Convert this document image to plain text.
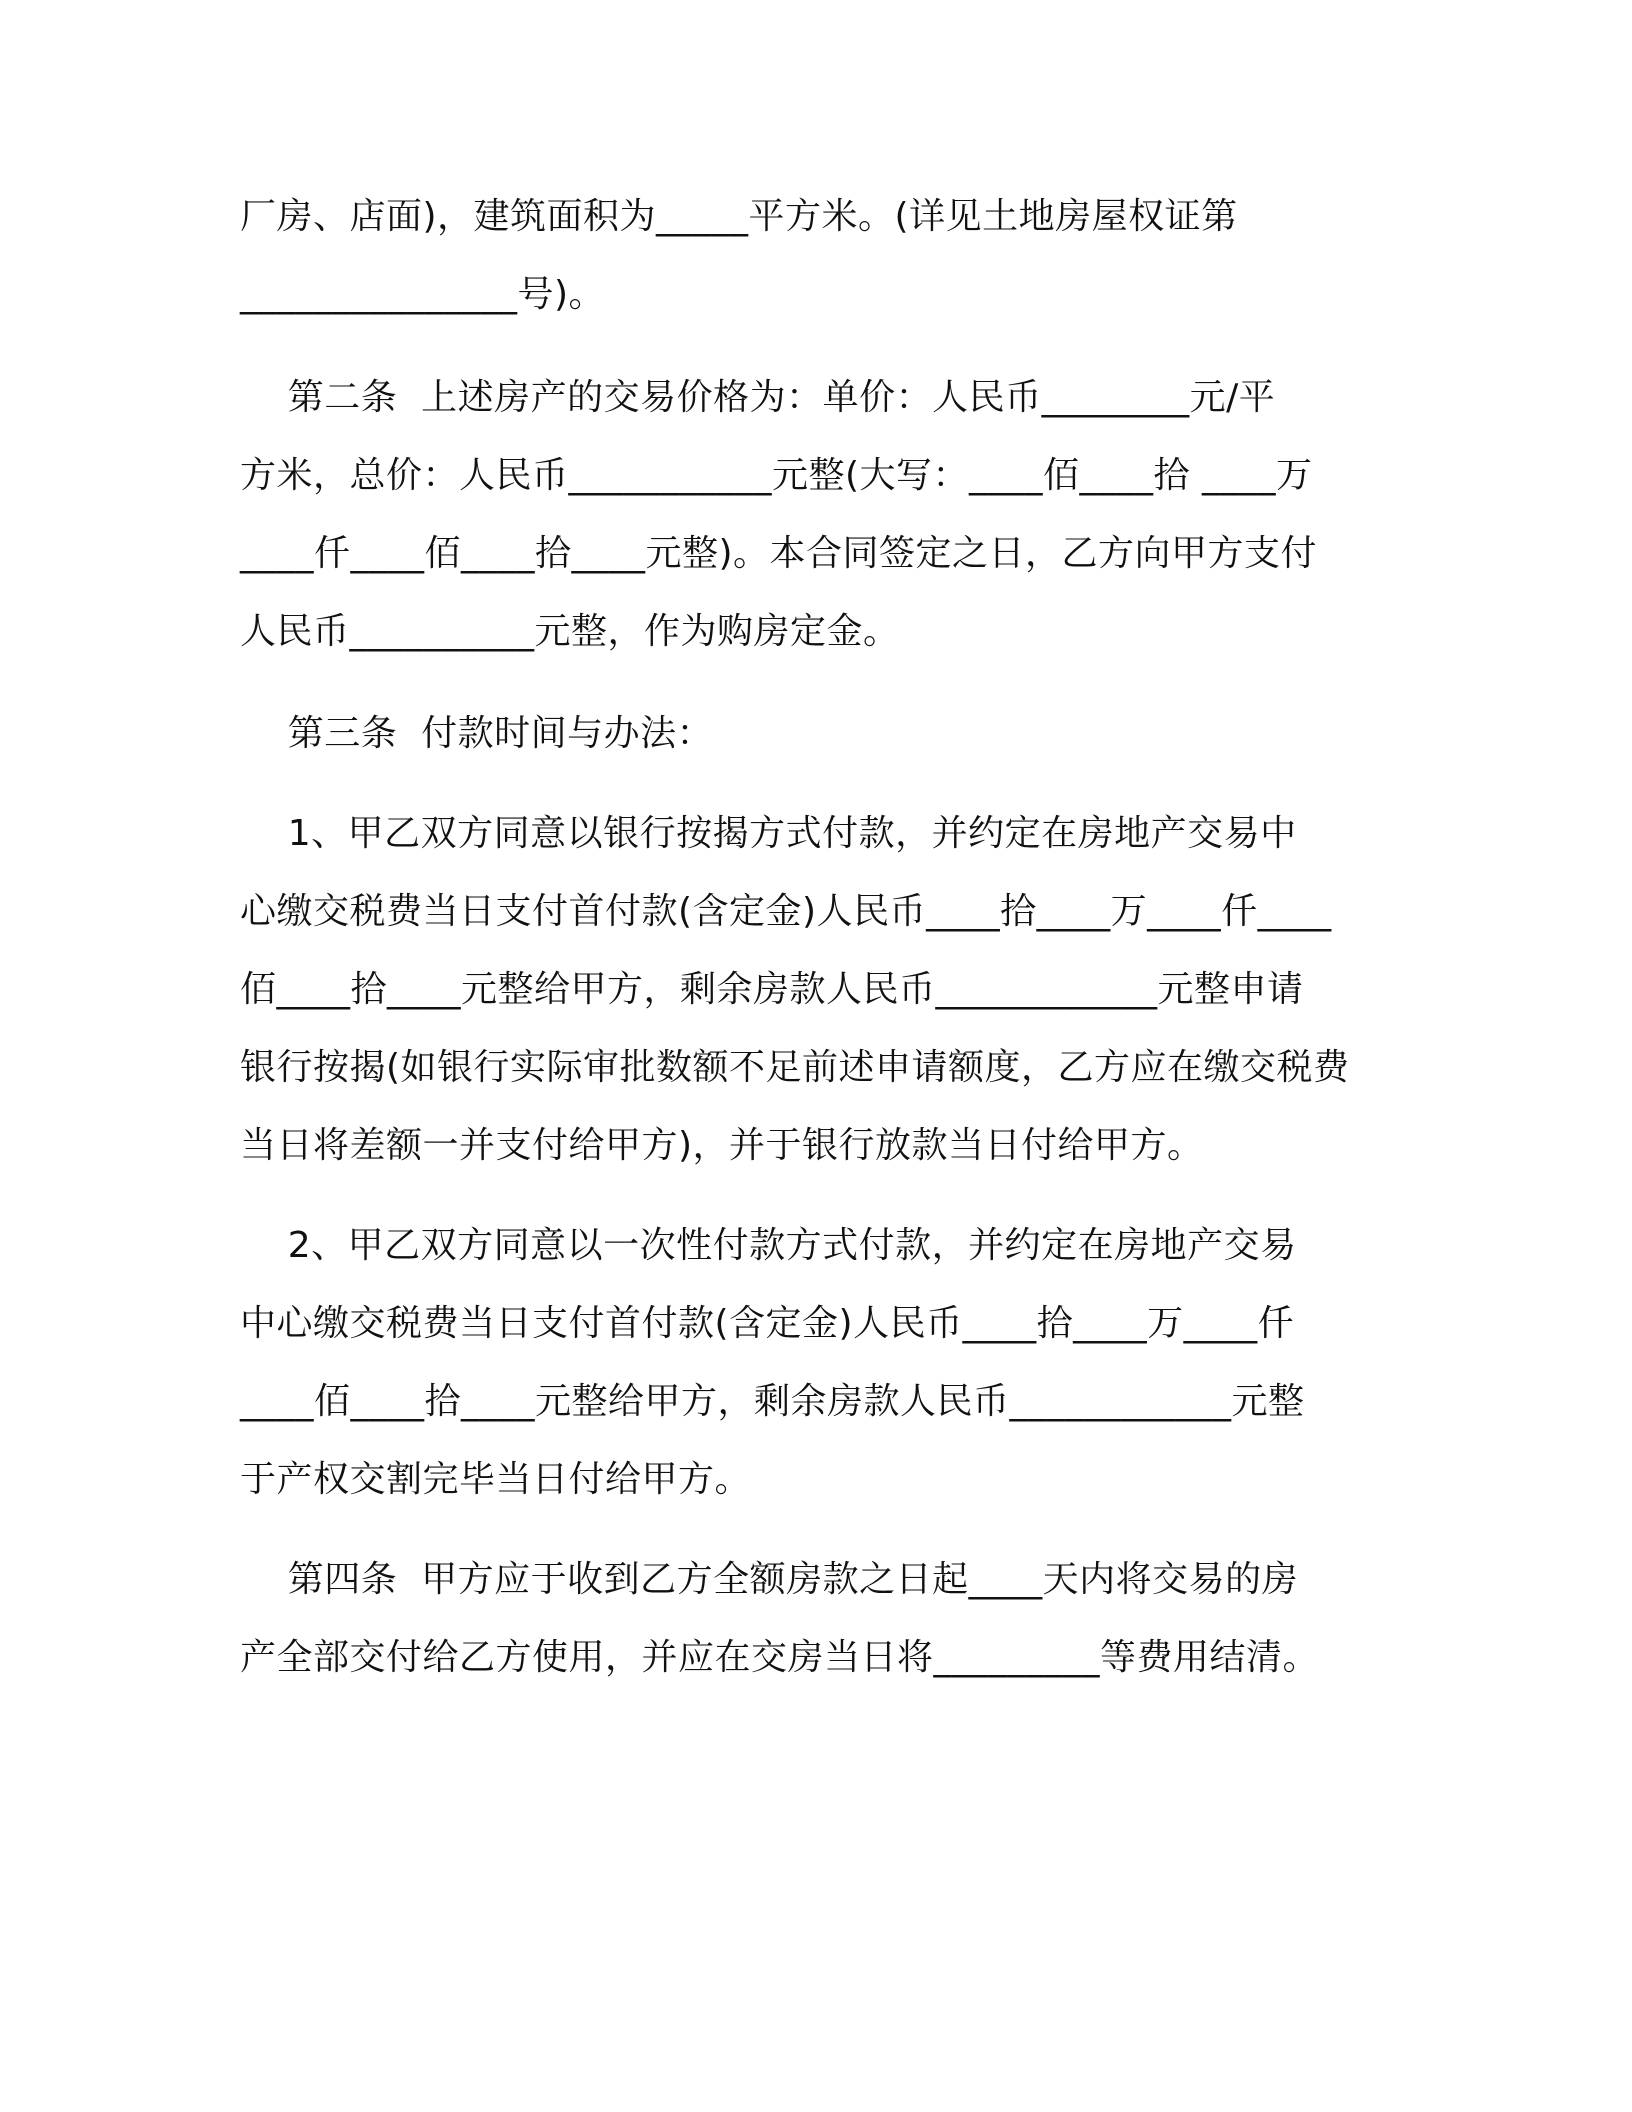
厂房、店面)，建筑面积为_____平方米。(详见土地房屋权证第
_______________号)。
第二条  上述房产的交易价格为：单价：人民币________元/平
方米，总价：人民币___________元整(大写：____佰____拾 ____万
____仟____佰____拾____元整)。本合同签定之日，乙方向甲方支付
人民币__________元整，作为购房定金。
第三条  付款时间与办法：
1、甲乙双方同意以银行按揭方式付款，并约定在房地产交易中
心缴交税费当日支付首付款(含定金)人民币____拾____万____仟____
佰____拾____元整给甲方，剩余房款人民币____________元整申请
银行按揭(如银行实际审批数额不足前述申请额度，乙方应在缴交税费
当日将差额一并支付给甲方)，并于银行放款当日付给甲方。
2、甲乙双方同意以一次性付款方式付款，并约定在房地产交易
中心缴交税费当日支付首付款(含定金)人民币____拾____万____仟
____佰____拾____元整给甲方，剩余房款人民币____________元整
于产权交割完毕当日付给甲方。
第四条  甲方应于收到乙方全额房款之日起____天内将交易的房
产全部交付给乙方使用，并应在交房当日将_________等费用结清。
